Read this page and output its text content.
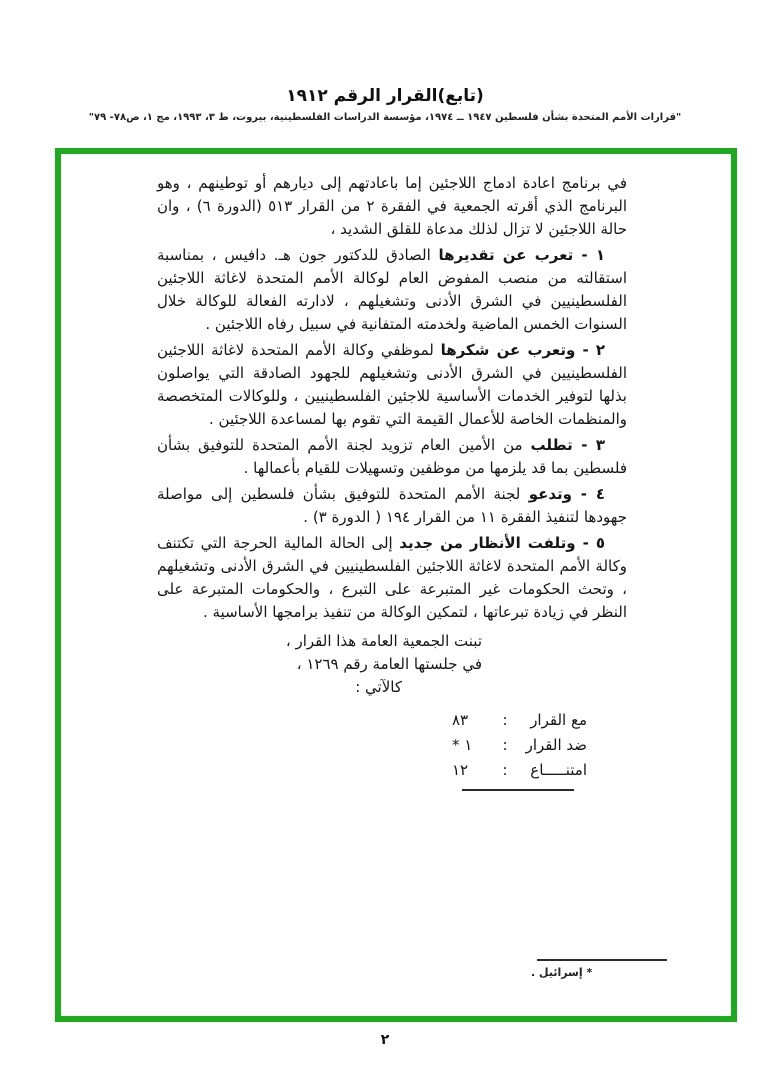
(تابع)القرار الرقم ١٩١٢
"قرارات الأمم المتحدة بشأن فلسطين ١٩٤٧ ــ ١٩٧٤، مؤسسة الدراسات الفلسطينية، بيروت، ط ٣، ١٩٩٣، مج ١، ص٧٨- ٧٩"

في برنامج اعادة ادماج اللاجئين إما باعادتهم إلى ديارهم أو توطينهم ، وهو البرنامج الذي أقرته الجمعية في الفقرة ٢ من القرار ٥١٣ (الدورة ٦) ، وان حالة اللاجئين لا تزال لذلك مدعاة للقلق الشديد ،

١ - تعرب عن تقديرها الصادق للدكتور جون هـ. دافيس ، بمناسبة استقالته من منصب المفوض العام لوكالة الأمم المتحدة لاغاثة اللاجئين الفلسطينيين في الشرق الأدنى وتشغيلهم ، لادارته الفعالة للوكالة خلال السنوات الخمس الماضية ولخدمته المتفانية في سبيل رفاه اللاجئين .

٢ - وتعرب عن شكرها لموظفي وكالة الأمم المتحدة لاغاثة اللاجئين الفلسطينيين في الشرق الأدنى وتشغيلهم للجهود الصادقة التي يواصلون بذلها لتوفير الخدمات الأساسية للاجئين الفلسطينيين ، وللوكالات المتخصصة والمنظمات الخاصة للأعمال القيمة التي تقوم بها لمساعدة اللاجئين .

٣ - تطلب من الأمين العام تزويد لجنة الأمم المتحدة للتوفيق بشأن فلسطين بما قد يلزمها من موظفين وتسهيلات للقيام بأعمالها .

٤ - وتدعو لجنة الأمم المتحدة للتوفيق بشأن فلسطين إلى مواصلة جهودها لتنفيذ الفقرة ١١ من القرار ١٩٤ ( الدورة ٣) .

٥ - وتلفت الأنظار من جديد إلى الحالة المالية الحرجة التي تكتنف وكالة الأمم المتحدة لاغاثة اللاجئين الفلسطينيين في الشرق الأدنى وتشغيلهم ، وتحث الحكومات غير المتبرعة على التبرع ، والحكومات المتبرعة على النظر في زيادة تبرعاتها ، لتمكين الوكالة من تنفيذ برامجها الأساسية .

تبنت الجمعية العامة هذا القرار ،
في جلستها العامة رقم ١٢٦٩ ،
كالآتي :
مع القرار
:
٨٣
ضد القرار
:
١ *
امتنـــــاع
:
١٢
* إسرائيل .
٢
